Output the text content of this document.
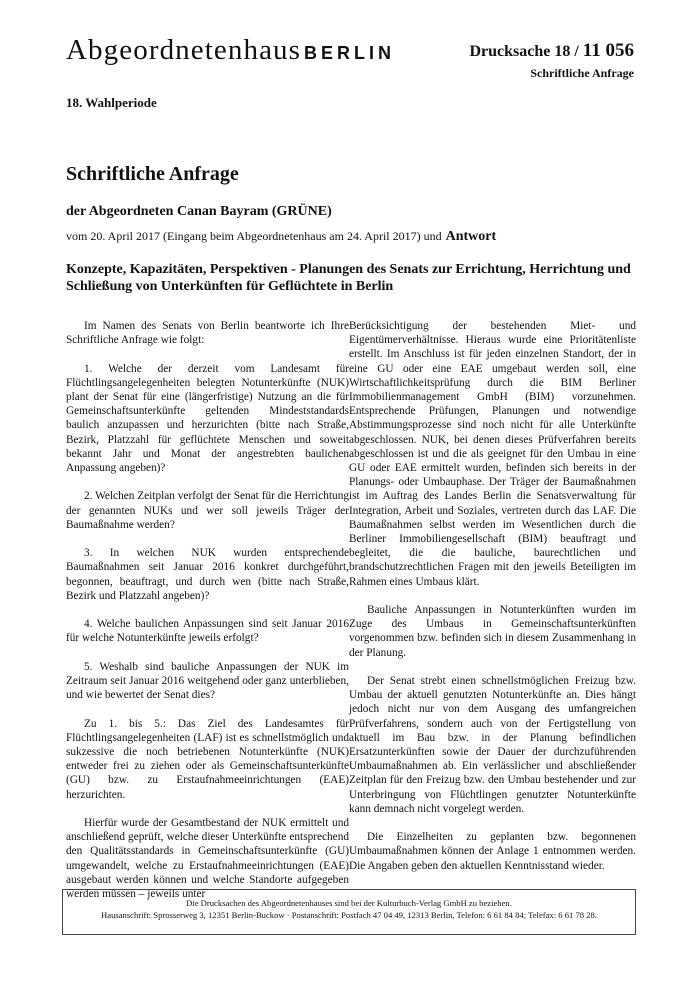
Abgeordnetenhaus BERLIN	Drucksache 18 / 11 056
Schriftliche Anfrage
18. Wahlperiode
Schriftliche Anfrage
der Abgeordneten Canan Bayram (GRÜNE)
vom 20. April 2017 (Eingang beim Abgeordnetenhaus am 24. April 2017) und Antwort
Konzepte, Kapazitäten, Perspektiven - Planungen des Senats zur Errichtung, Herrichtung und Schließung von Unterkünften für Geflüchtete in Berlin

Im Namen des Senats von Berlin beantworte ich Ihre Schriftliche Anfrage wie folgt:

1. Welche der derzeit vom Landesamt für Flüchtlingsangelegenheiten belegten Notunterkünfte (NUK) plant der Senat für eine (längerfristige) Nutzung an die für Gemeinschaftsunterkünfte geltenden Mindeststandards baulich anzupassen und herzurichten (bitte nach Straße, Bezirk, Platzzahl für geflüchtete Menschen und soweit bekannt Jahr und Monat der angestrebten baulichen Anpassung angeben)?

2. Welchen Zeitplan verfolgt der Senat für die Herrichtung der genannten NUKs und wer soll jeweils Träger der Baumaßnahme werden?

3. In welchen NUK wurden entsprechende Baumaßnahmen seit Januar 2016 konkret durchgeführt, begonnen, beauftragt, und durch wen (bitte nach Straße, Bezirk und Platzzahl angeben)?

4. Welche baulichen Anpassungen sind seit Januar 2016 für welche Notunterkünfte jeweils erfolgt?

5. Weshalb sind bauliche Anpassungen der NUK im Zeitraum seit Januar 2016 weitgehend oder ganz unterblieben, und wie bewertet der Senat dies?

Zu 1. bis 5.: Das Ziel des Landesamtes für Flüchtlingsangelegenheiten (LAF) ist es schnellstmöglich und sukzessive die noch betriebenen Notunterkünfte (NUK) entweder frei zu ziehen oder als Gemeinschaftsunterkünfte (GU) bzw. zu Erstaufnahmeeinrichtungen (EAE) herzurichten.

Hierfür wurde der Gesamtbestand der NUK ermittelt und anschließend geprüft, welche dieser Unterkünfte entsprechend den Qualitätsstandards in Gemeinschaftsunterkünfte (GU) umgewandelt, welche zu Erstaufnahmeeinrichtungen (EAE) ausgebaut werden können und welche Standorte aufgegeben werden müssen – jeweils unter

Berücksichtigung der bestehenden Miet- und Eigentümerverhältnisse. Hieraus wurde eine Prioritätenliste erstellt. Im Anschluss ist für jeden einzelnen Standort, der in eine GU oder eine EAE umgebaut werden soll, eine Wirtschaftlichkeitsprüfung durch die BIM Berliner Immobilienmanagement GmbH (BIM) vorzunehmen. Entsprechende Prüfungen, Planungen und notwendige Abstimmungsprozesse sind noch nicht für alle Unterkünfte abgeschlossen. NUK, bei denen dieses Prüfverfahren bereits abgeschlossen ist und die als geeignet für den Umbau in eine GU oder EAE ermittelt wurden, befinden sich bereits in der Planungs- oder Umbauphase. Der Träger der Baumaßnahmen ist im Auftrag des Landes Berlin die Senatsverwaltung für Integration, Arbeit und Soziales, vertreten durch das LAF. Die Baumaßnahmen selbst werden im Wesentlichen durch die Berliner Immobiliengesellschaft (BIM) beauftragt und begleitet, die die bauliche, baurechtlichen und brandschutzrechtlichen Fragen mit den jeweils Beteiligten im Rahmen eines Umbaus klärt.

Bauliche Anpassungen in Notunterkünften wurden im Zuge des Umbaus in Gemeinschaftsunterkünften vorgenommen bzw. befinden sich in diesem Zusammenhang in der Planung.

Der Senat strebt einen schnellstmöglichen Freizug bzw. Umbau der aktuell genutzten Notunterkünfte an. Dies hängt jedoch nicht nur von dem Ausgang des umfangreichen Prüfverfahrens, sondern auch von der Fertigstellung von aktuell im Bau bzw. in der Planung befindlichen Ersatzunterkünften sowie der Dauer der durchzuführenden Umbaumaßnahmen ab. Ein verlässlicher und abschließender Zeitplan für den Freizug bzw. den Umbau bestehender und zur Unterbringung von Flüchtlingen genutzter Notunterkünfte kann demnach nicht vorgelegt werden.

Die Einzelheiten zu geplanten bzw. begonnenen Umbaumaßnahmen können der Anlage 1 entnommen werden. Die Angaben geben den aktuellen Kenntnisstand wieder.

Die Drucksachen des Abgeordnetenhauses sind bei der Kulturbuch-Verlag GmbH zu beziehen.
Hausanschrift: Sprosserweg 3, 12351 Berlin-Buckow · Postanschrift: Postfach 47 04 49, 12313 Berlin, Telefon: 6 61 84 84; Telefax: 6 61 78 28.
